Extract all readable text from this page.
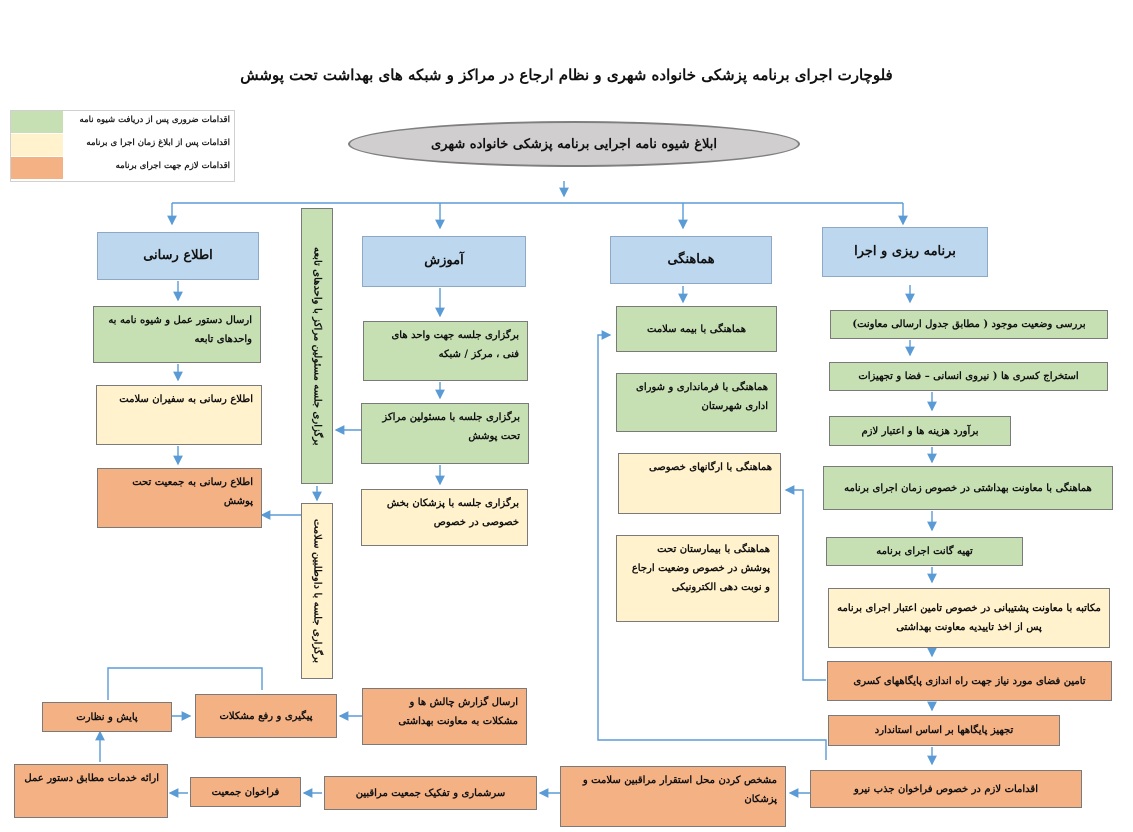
فلوچارت اجرای برنامه پزشکی خانواده شهری و نظام ارجاع در مراکز و شبکه های بهداشت تحت پوشش
اقدامات ضروری پس از دریافت شیوه نامه
اقدامات پس از ابلاغ زمان اجرا ی برنامه
اقدامات لازم جهت اجرای برنامه
ابلاغ شیوه نامه اجرایی برنامه پزشکی خانواده شهری
برنامه ریزی و اجرا
هماهنگی
آموزش
اطلاع رسانی
بررسی وضعیت موجود ( مطابق جدول ارسالی معاونت)
استخراج کسری ها ( نیروی انسانی – فضا و تجهیزات
برآورد هزینه ها و اعتبار لازم
هماهنگی با معاونت بهداشتی در خصوص زمان اجرای برنامه
تهیه گانت اجرای برنامه
مکاتبه با معاونت پشتیبانی در خصوص تامین اعتبار اجرای برنامه پس از اخذ تاییدیه معاونت بهداشتی
تامین فضای مورد نیاز جهت راه اندازی پایگاههای کسری
تجهیز پایگاهها بر اساس استاندارد
اقدامات لازم در خصوص فراخوان جذب نیرو
هماهنگی با بیمه سلامت
هماهنگی با فرمانداری و شورای اداری شهرستان
هماهنگی با ارگانهای خصوصی
هماهنگی با بیمارستان تحت پوشش در خصوص وضعیت ارجاع و نوبت دهی الکترونیکی
برگزاری جلسه جهت واحد های فنی ، مرکز / شبکه
برگزاری جلسه با مسئولین مراکز تحت پوشش
برگزاری جلسه با پزشکان بخش خصوصی در خصوص
برگزاری جلسه مسئولین مراکز با واحدهای تابعه
برگزاری جلسه با داوطلبین سلامت
ارسال دستور عمل و شیوه نامه به واحدهای تابعه
اطلاع رسانی به سفیران سلامت
اطلاع رسانی به جمعیت تحت پوشش
مشخص کردن محل استقرار مراقبین سلامت و پزشکان
سرشماری و تفکیک جمعیت مراقبین
فراخوان جمعیت
ارائه خدمات مطابق دستور عمل
ارسال گزارش چالش ها و مشکلات به معاونت بهداشتی
پیگیری و رفع مشکلات
پایش و نظارت
